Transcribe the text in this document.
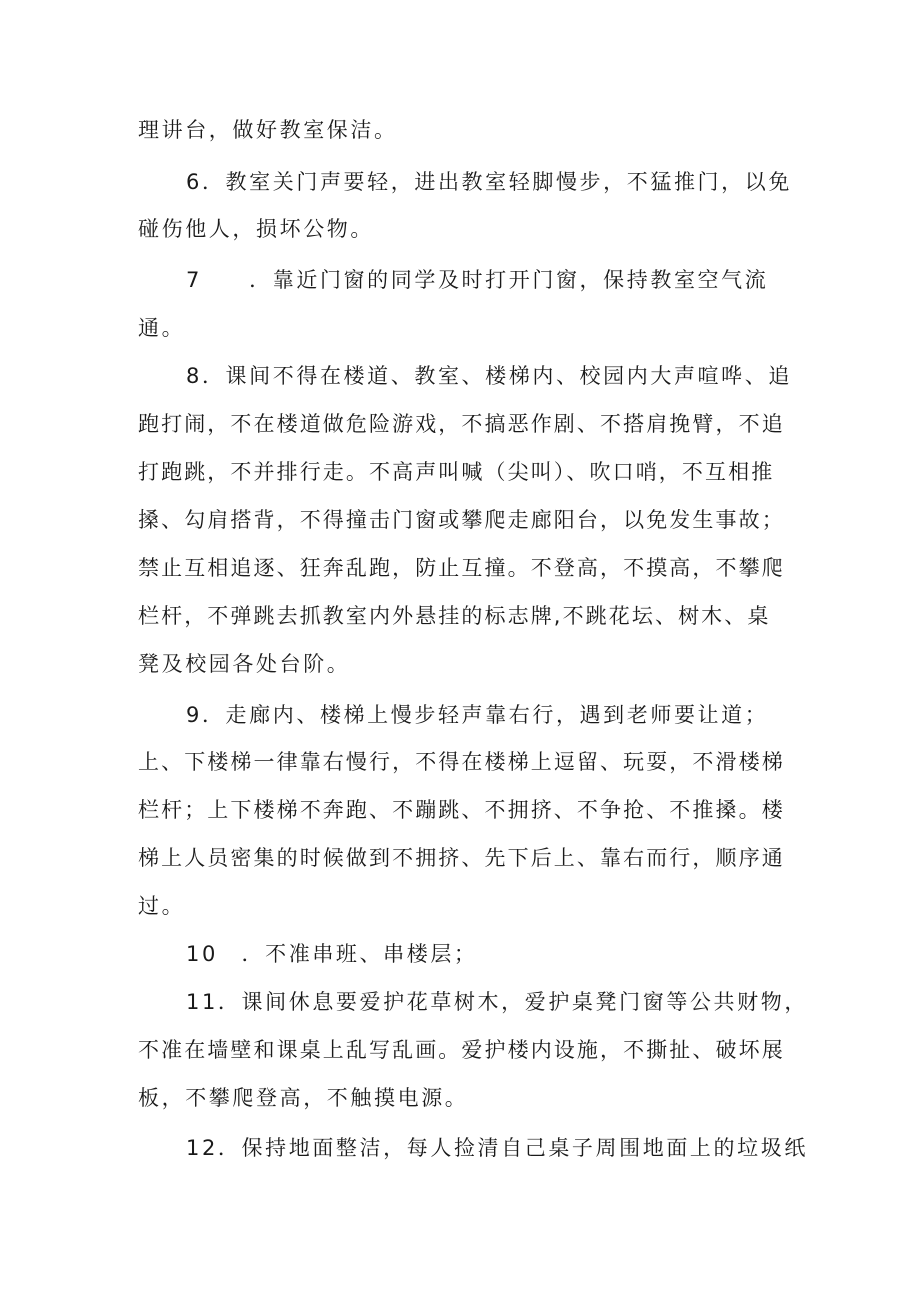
理讲台，做好教室保洁。
6．教室关门声要轻，进出教室轻脚慢步，不猛推门，以免
碰伤他人，损坏公物。
7　　．靠近门窗的同学及时打开门窗，保持教室空气流
通。
8．课间不得在楼道、教室、楼梯内、校园内大声喧哗、追
跑打闹，不在楼道做危险游戏，不搞恶作剧、不搭肩挽臂，不追
打跑跳，不并排行走。不高声叫喊（尖叫）、吹口哨，不互相推
搡、勾肩搭背，不得撞击门窗或攀爬走廊阳台，以免发生事故；
禁止互相追逐、狂奔乱跑，防止互撞。不登高，不摸高，不攀爬
栏杆，不弹跳去抓教室内外悬挂的标志牌,不跳花坛、树木、桌
凳及校园各处台阶。
9．走廊内、楼梯上慢步轻声靠右行，遇到老师要让道；
上、下楼梯一律靠右慢行，不得在楼梯上逗留、玩耍，不滑楼梯
栏杆；上下楼梯不奔跑、不蹦跳、不拥挤、不争抢、不推搡。楼
梯上人员密集的时候做到不拥挤、先下后上、靠右而行，顺序通
过。
10　．不准串班、串楼层；
11．课间休息要爱护花草树木，爱护桌凳门窗等公共财物，
不准在墙壁和课桌上乱写乱画。爱护楼内设施，不撕扯、破坏展
板，不攀爬登高，不触摸电源。
12．保持地面整洁，每人捡清自己桌子周围地面上的垃圾纸
